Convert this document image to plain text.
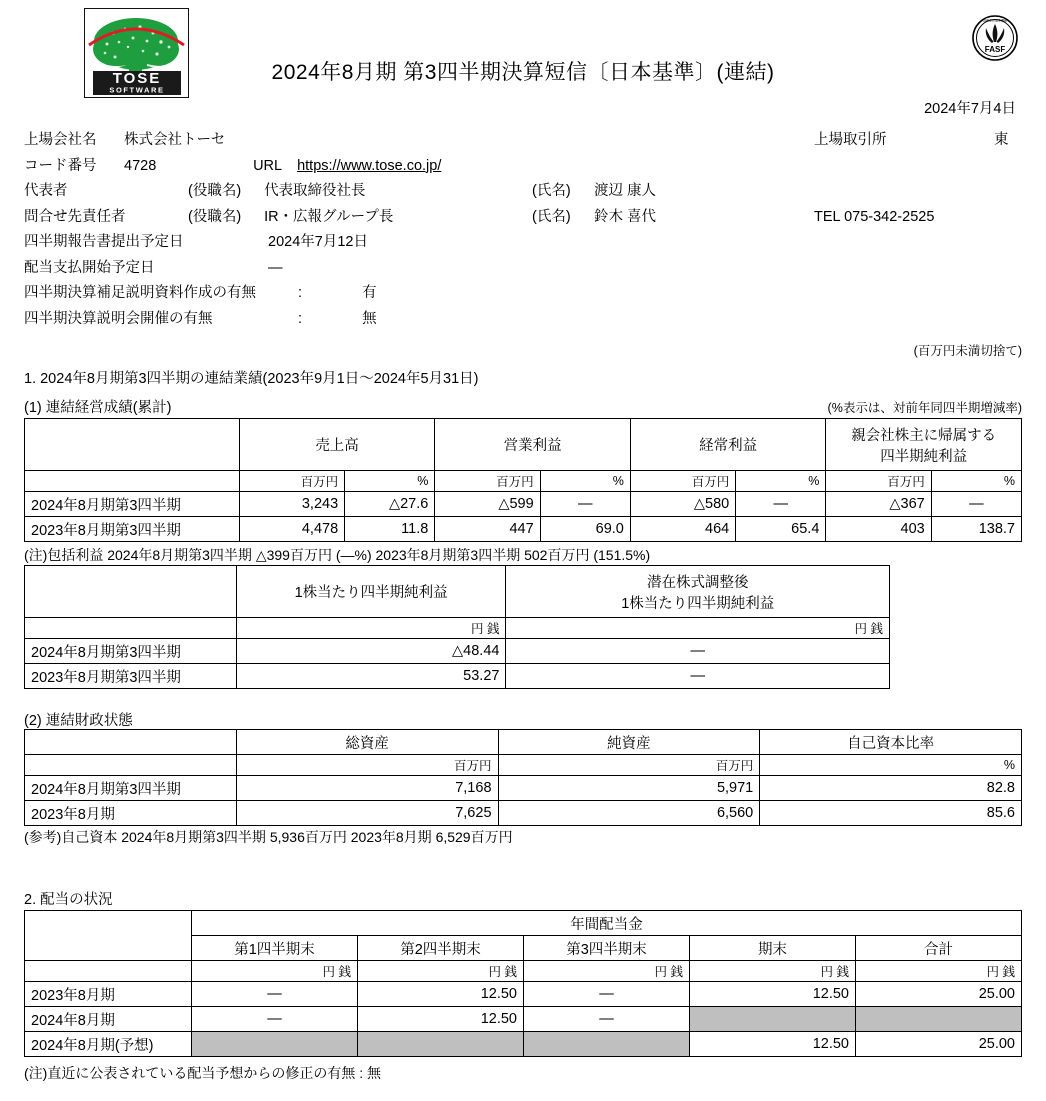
TOSE
SOFTWARE
FASF
財務会計基準機構
2024年8月期 第3四半期決算短信〔日本基準〕(連結)
2024年7月4日
上場会社名 株式会社トーセ	上場取引所	東
コード番号 4728	URL https://www.tose.co.jp/
代表者	(役職名) 代表取締役社長	(氏名) 渡辺 康人
問合せ先責任者	(役職名) IR・広報グループ長	(氏名) 鈴木 喜代	TEL 075-342-2525
四半期報告書提出予定日	2024年7月12日
配当支払開始予定日	—
四半期決算補足説明資料作成の有無	:	有
四半期決算説明会開催の有無	:	無
(百万円未満切捨て)
1. 2024年8月期第3四半期の連結業績(2023年9月1日～2024年5月31日)
(1) 連結経営成績(累計)	(%表示は、対前年同四半期増減率)
	売上高		営業利益		経常利益		親会社株主に帰属する
四半期純利益	

	百万円	%	百万円	%	百万円	%	百万円	%
2024年8月期第3四半期	3,243	△27.6	△599	—	△580	—	△367	—
2023年8月期第3四半期	4,478	11.8	447	69.0	464	65.4	403	138.7
(注)包括利益 2024年8月期第3四半期 △399百万円 (—%) 2023年8月期第3四半期 502百万円 (151.5%)
	1株当たり四半期純利益	潜在株式調整後
1株当たり四半期純利益

	円 銭	円 銭
2024年8月期第3四半期	△48.44	—
2023年8月期第3四半期	53.27	—
(2) 連結財政状態
	総資産	純資産	自己資本比率
	百万円	百万円	%
2024年8月期第3四半期	7,168	5,971	82.8
2023年8月期	7,625	6,560	85.6
(参考)自己資本 2024年8月期第3四半期 5,936百万円 2023年8月期 6,529百万円
2. 配当の状況
	年間配当金				
	第1四半期末	第2四半期末	第3四半期末	期末	合計
	円 銭	円 銭	円 銭	円 銭	円 銭
2023年8月期	—	12.50	—	12.50	25.00
2024年8月期	—	12.50	—		
2024年8月期(予想)				12.50	25.00
(注)直近に公表されている配当予想からの修正の有無 : 無
